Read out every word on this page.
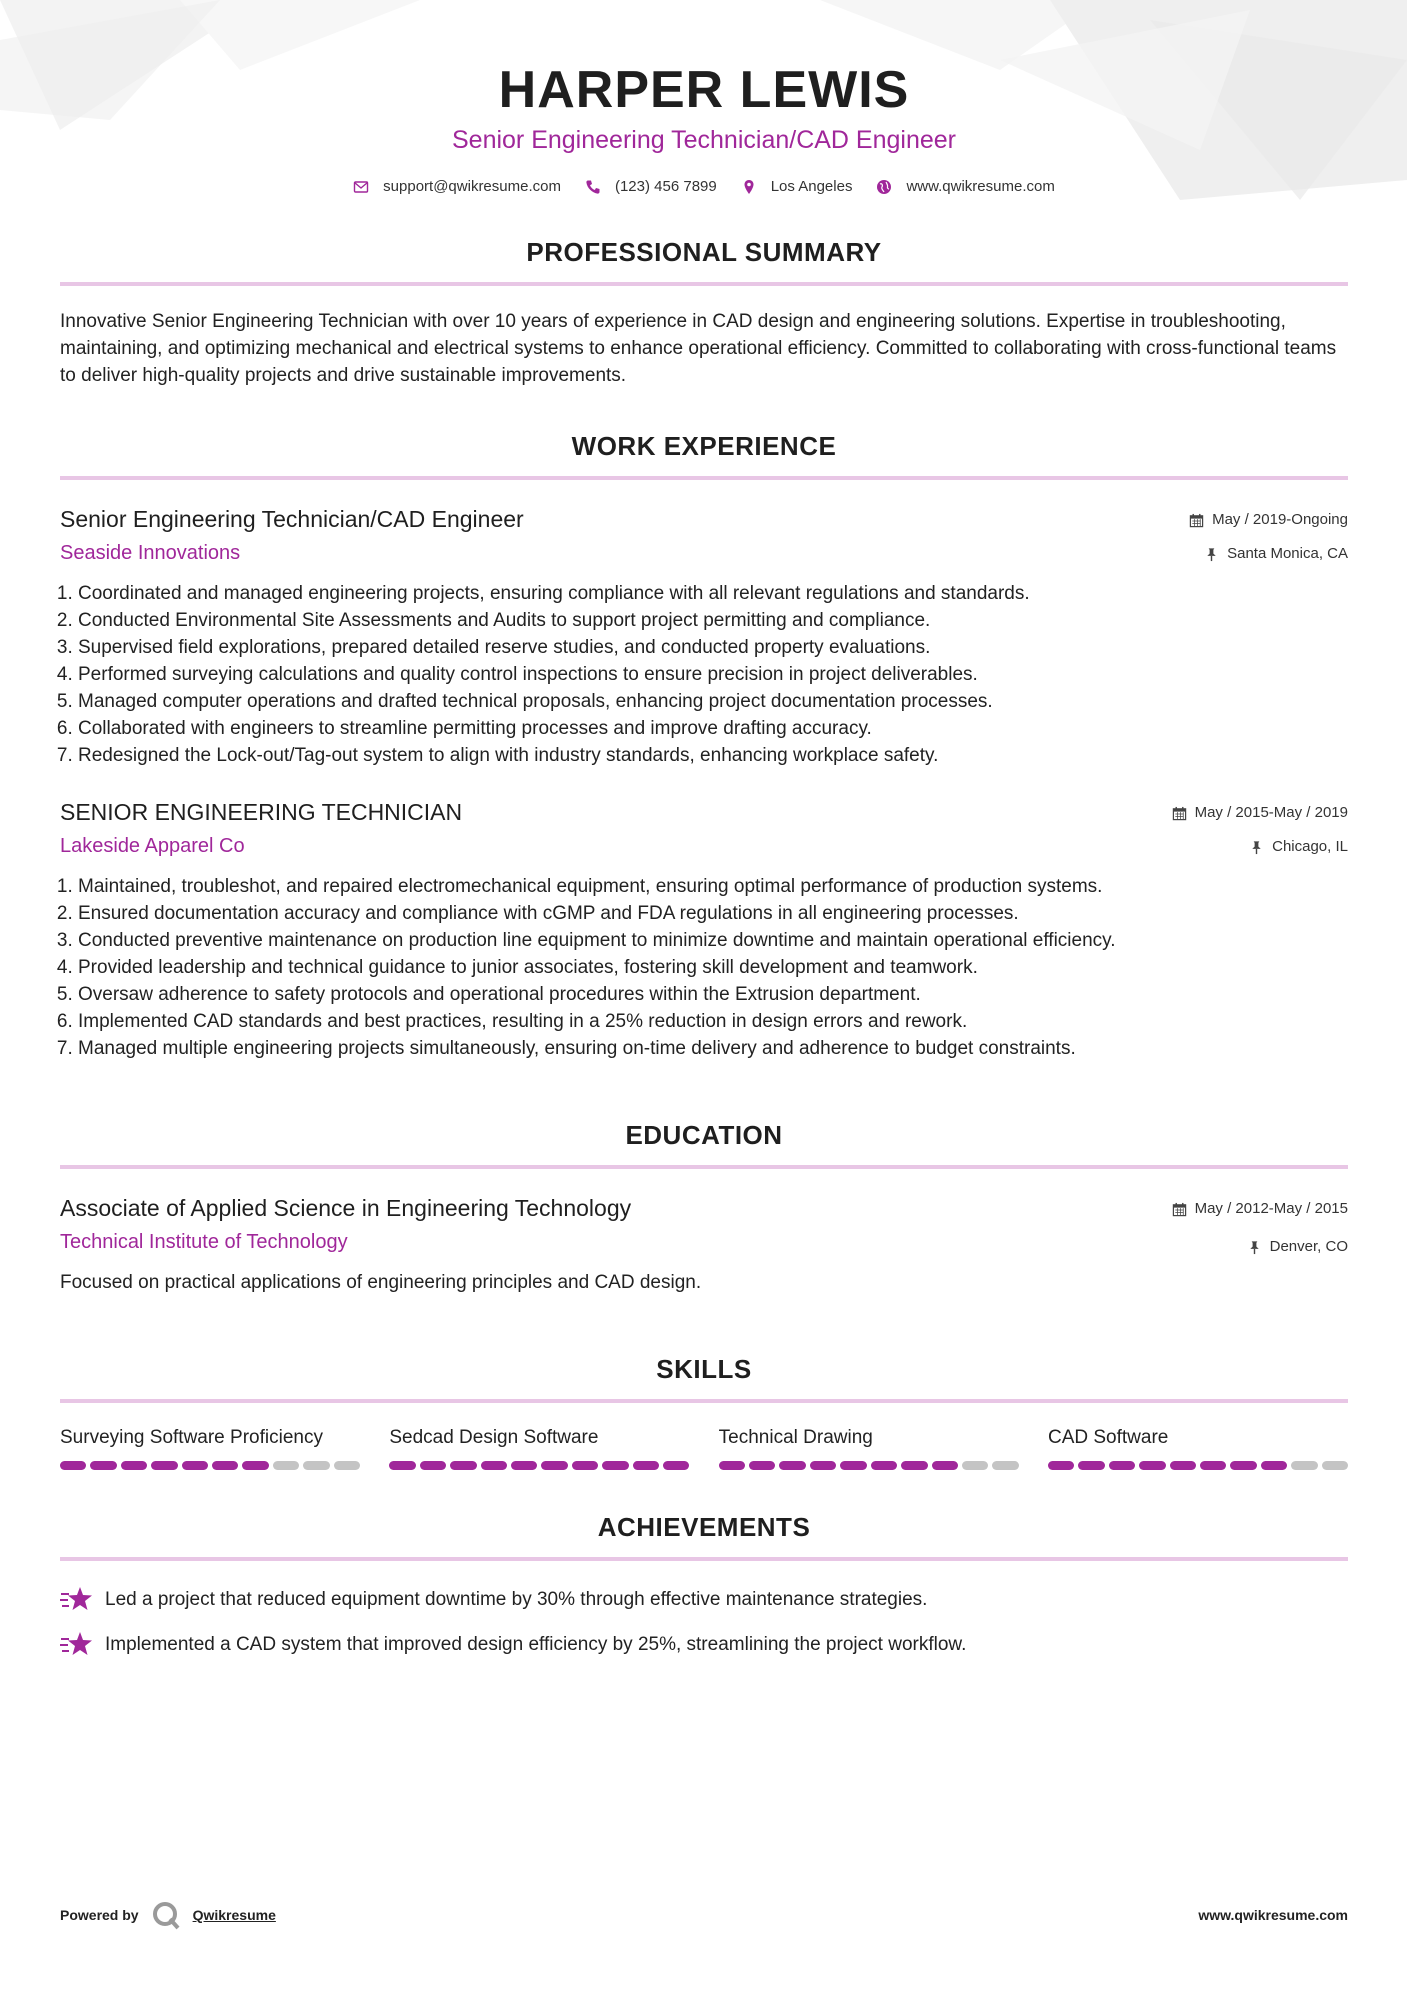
HARPER LEWIS
Senior Engineering Technician/CAD Engineer
support@qwikresume.com	(123) 456 7899	Los Angeles	www.qwikresume.com
PROFESSIONAL SUMMARY
Innovative Senior Engineering Technician with over 10 years of experience in CAD design and engineering solutions. Expertise in troubleshooting, maintaining, and optimizing mechanical and electrical systems to enhance operational efficiency. Committed to collaborating with cross-functional teams to deliver high-quality projects and drive sustainable improvements.
WORK EXPERIENCE
Senior Engineering Technician/CAD Engineer
Seaside Innovations
May / 2019-Ongoing
Santa Monica, CA
1. Coordinated and managed engineering projects, ensuring compliance with all relevant regulations and standards.
2. Conducted Environmental Site Assessments and Audits to support project permitting and compliance.
3. Supervised field explorations, prepared detailed reserve studies, and conducted property evaluations.
4. Performed surveying calculations and quality control inspections to ensure precision in project deliverables.
5. Managed computer operations and drafted technical proposals, enhancing project documentation processes.
6. Collaborated with engineers to streamline permitting processes and improve drafting accuracy.
7. Redesigned the Lock-out/Tag-out system to align with industry standards, enhancing workplace safety.
SENIOR ENGINEERING TECHNICIAN
Lakeside Apparel Co
May / 2015-May / 2019
Chicago, IL
1. Maintained, troubleshot, and repaired electromechanical equipment, ensuring optimal performance of production systems.
2. Ensured documentation accuracy and compliance with cGMP and FDA regulations in all engineering processes.
3. Conducted preventive maintenance on production line equipment to minimize downtime and maintain operational efficiency.
4. Provided leadership and technical guidance to junior associates, fostering skill development and teamwork.
5. Oversaw adherence to safety protocols and operational procedures within the Extrusion department.
6. Implemented CAD standards and best practices, resulting in a 25% reduction in design errors and rework.
7. Managed multiple engineering projects simultaneously, ensuring on-time delivery and adherence to budget constraints.
EDUCATION
Associate of Applied Science in Engineering Technology
Technical Institute of Technology
May / 2012-May / 2015
Denver, CO
Focused on practical applications of engineering principles and CAD design.
SKILLS
Surveying Software Proficiency	Sedcad Design Software	Technical Drawing	CAD Software
ACHIEVEMENTS
Led a project that reduced equipment downtime by 30% through effective maintenance strategies.
Implemented a CAD system that improved design efficiency by 25%, streamlining the project workflow.
Powered by	Qwikresume	www.qwikresume.com
